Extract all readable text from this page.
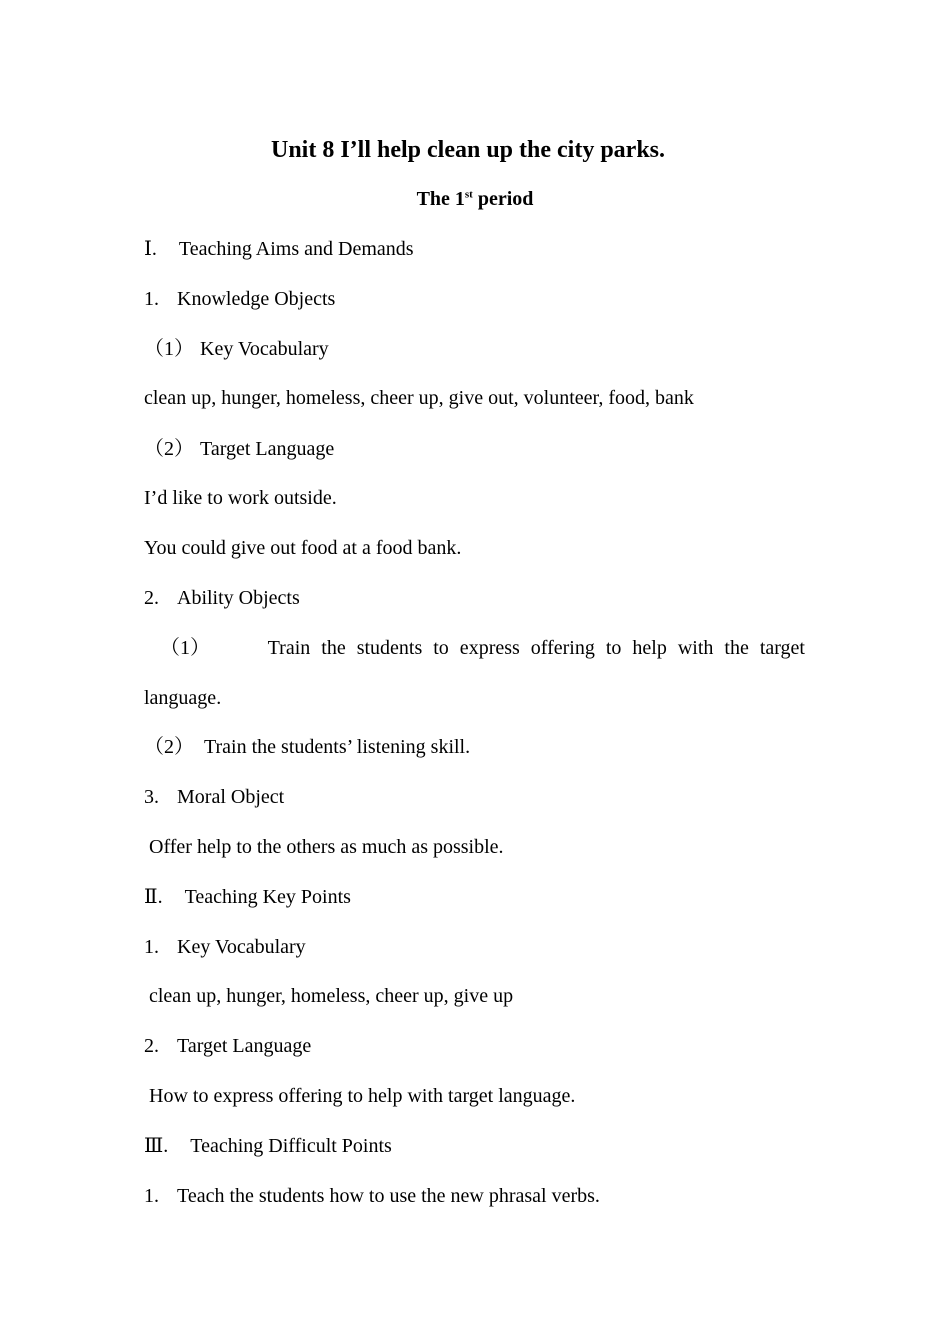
Unit 8 I’ll help clean up the city parks.
The 1st period
Ⅰ. Teaching Aims and Demands
1. Knowledge Objects
（1） Key Vocabulary
clean up, hunger, homeless, cheer up, give out, volunteer, food, bank
（2） Target Language
I’d like to work outside.
You could give out food at a food bank.
2. Ability Objects
（1）	Train the students to express offering to help with the target
language.
（2） Train the students’ listening skill.
3. Moral Object
Offer help to the others as much as possible.
Ⅱ. Teaching Key Points
1. Key Vocabulary
clean up, hunger, homeless, cheer up, give up
2. Target Language
How to express offering to help with target language.
Ⅲ. Teaching Difficult Points
1. Teach the students how to use the new phrasal verbs.
